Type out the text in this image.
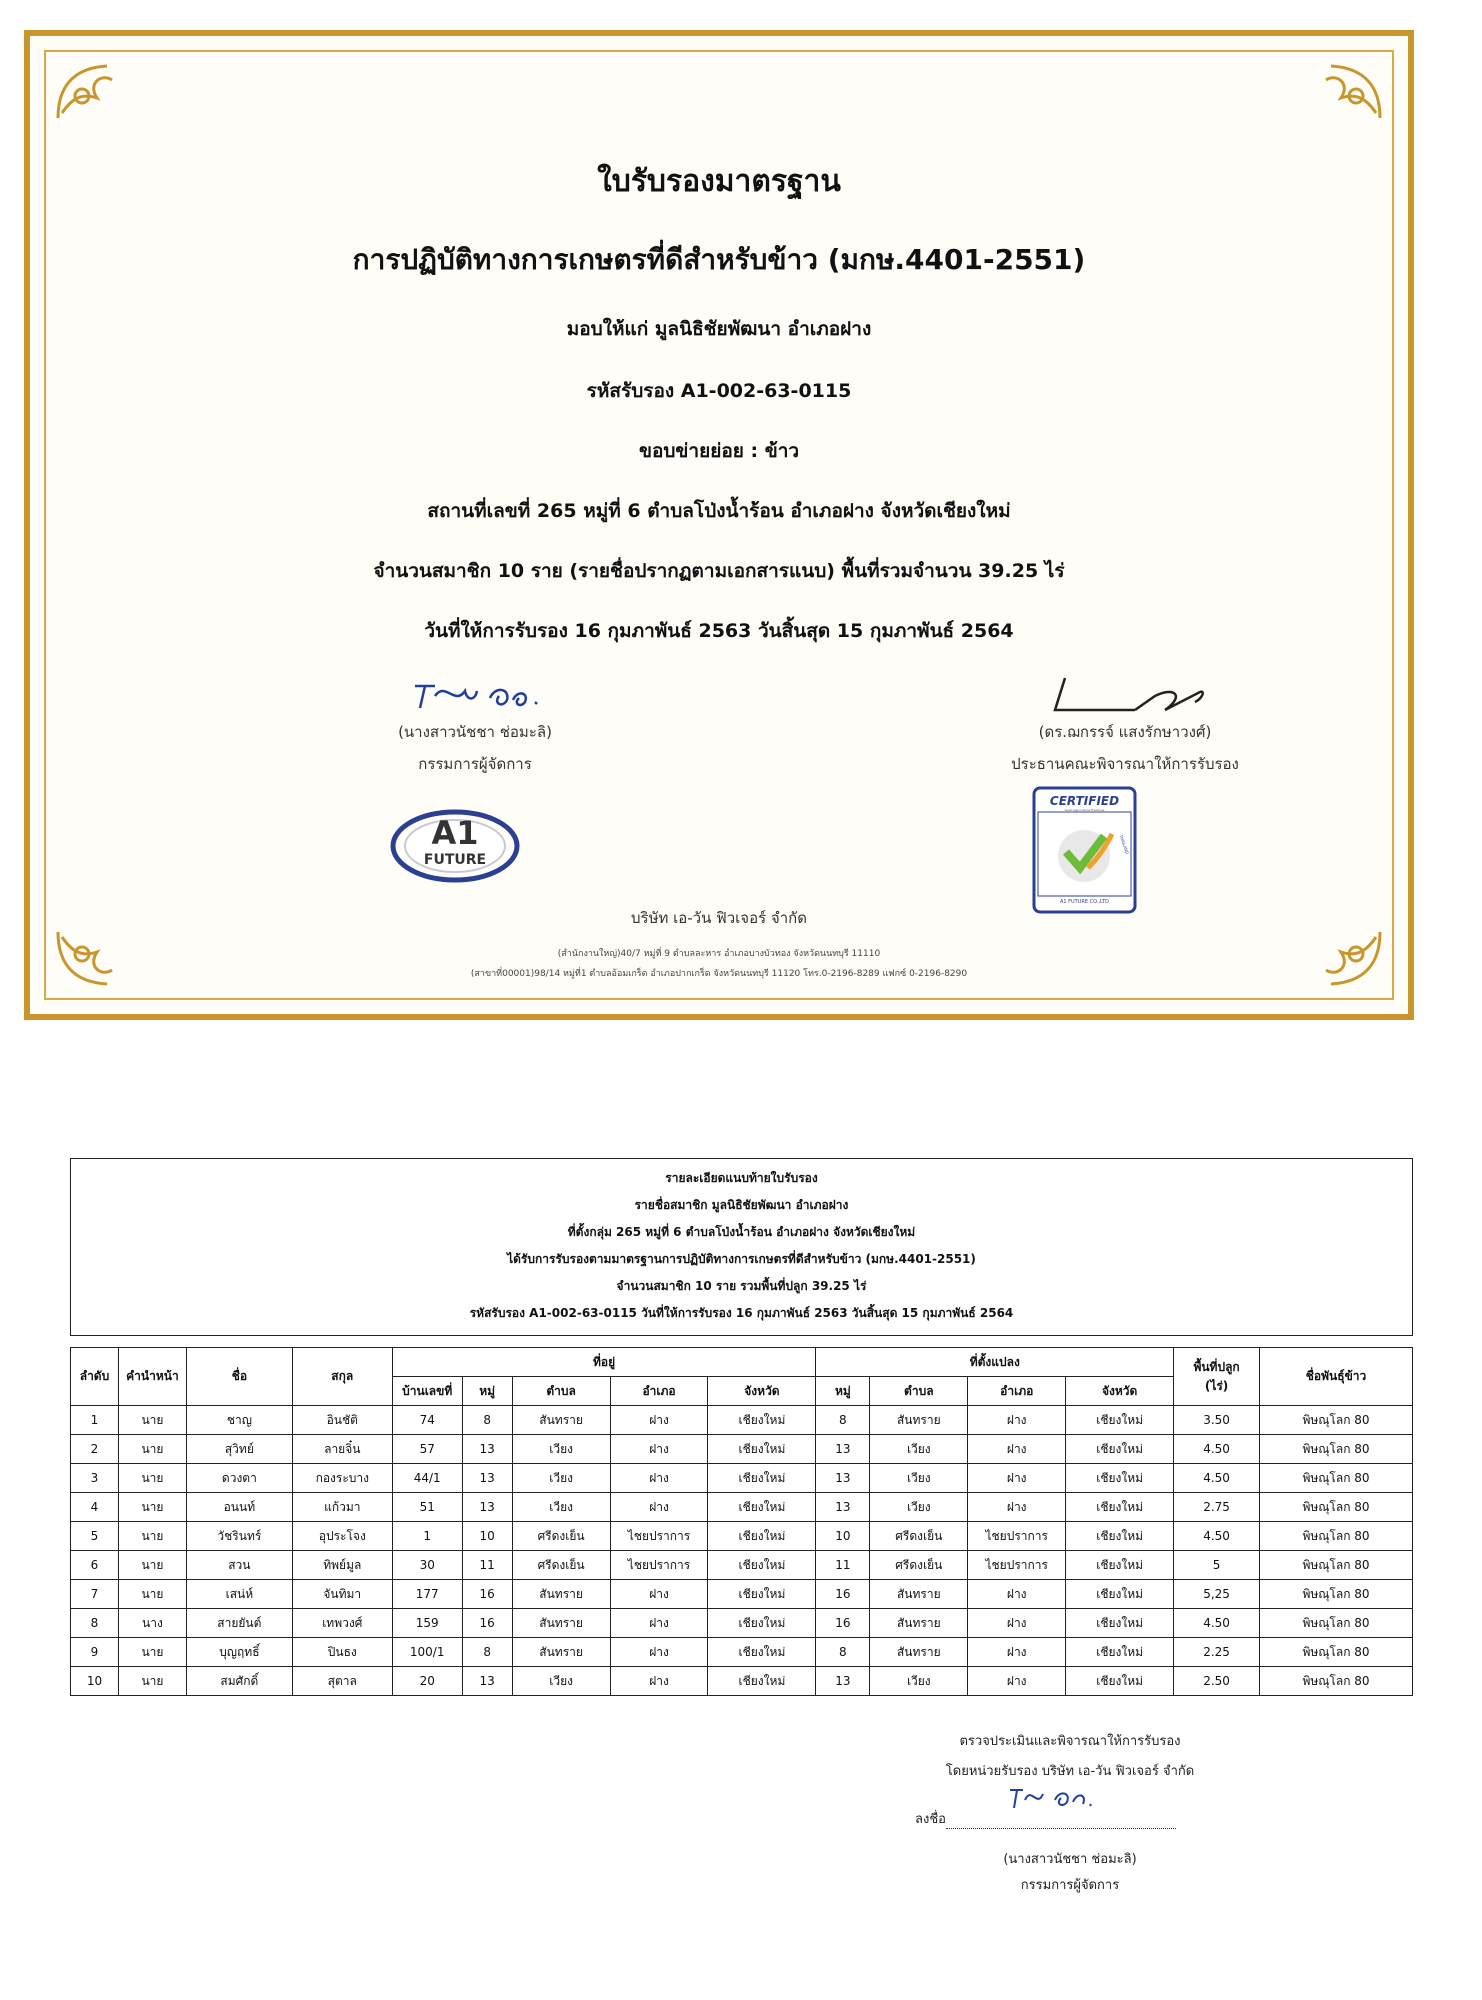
ใบรับรองมาตรฐาน
การปฏิบัติทางการเกษตรที่ดีสำหรับข้าว (มกษ.4401-2551)
มอบให้แก่ มูลนิธิชัยพัฒนา อำเภอฝาง
รหัสรับรอง A1-002-63-0115
ขอบข่ายย่อย : ข้าว
สถานที่เลขที่ 265 หมู่ที่ 6 ตำบลโป่งน้ำร้อน อำเภอฝาง จังหวัดเชียงใหม่
จำนวนสมาชิก 10 ราย (รายชื่อปรากฏตามเอกสารแนบ) พื้นที่รวมจำนวน 39.25 ไร่
วันที่ให้การรับรอง 16 กุมภาพันธ์ 2563 วันสิ้นสุด 15 กุมภาพันธ์ 2564
(นางสาวนัชชา ช่อมะลิ)
กรรมการผู้จัดการ
(ดร.ฌกรรจ์ แสงรักษาวงศ์)
ประธานคณะพิจารณาให้การรับรอง
A1
FUTURE
CERTIFIED
Good Agriculture Practices
THAILAND
A1 FUTURE CO.,LTD
บริษัท เอ-วัน ฟิวเจอร์ จำกัด
(สำนักงานใหญ่)40/7 หมู่ที่ 9 ตำบลละหาร อำเภอบางบัวทอง จังหวัดนนทบุรี 11110
(สาขาที่00001)98/14 หมู่ที่1 ตำบลอ้อมเกร็ด อำเภอปากเกร็ด จังหวัดนนทบุรี 11120 โทร.0-2196-8289 แฟกซ์ 0-2196-8290
รายละเอียดแนบท้ายใบรับรอง
รายชื่อสมาชิก มูลนิธิชัยพัฒนา อำเภอฝาง
ที่ตั้งกลุ่ม 265 หมู่ที่ 6 ตำบลโป่งน้ำร้อน อำเภอฝาง จังหวัดเชียงใหม่
ได้รับการรับรองตามมาตรฐานการปฏิบัติทางการเกษตรที่ดีสำหรับข้าว (มกษ.4401-2551)
จำนวนสมาชิก 10 ราย รวมพื้นที่ปลูก 39.25 ไร่
รหัสรับรอง A1-002-63-0115 วันที่ให้การรับรอง 16 กุมภาพันธ์ 2563 วันสิ้นสุด 15 กุมภาพันธ์ 2564
ลำดับ	คำนำหน้า	ชื่อ	สกุล	ที่อยู่					ที่ตั้งแปลง				พื้นที่ปลูก
(ไร่)	ชื่อพันธุ์ข้าว
				บ้านเลขที่	หมู่	ตำบล	อำเภอ	จังหวัด	หมู่	ตำบล	อำเภอ	จังหวัด		
1	นาย	ชาญ	อินชัติ	74	8	สันทราย	ฝาง	เชียงใหม่	8	สันทราย	ฝาง	เชียงใหม่	3.50	พิษณุโลก 80
2	นาย	สุวิทย์	ลายจิ๋น	57	13	เวียง	ฝาง	เชียงใหม่	13	เวียง	ฝาง	เชียงใหม่	4.50	พิษณุโลก 80
3	นาย	ดวงตา	กองระบาง	44/1	13	เวียง	ฝาง	เชียงใหม่	13	เวียง	ฝาง	เชียงใหม่	4.50	พิษณุโลก 80
4	นาย	อนนท์	แก้วมา	51	13	เวียง	ฝาง	เชียงใหม่	13	เวียง	ฝาง	เชียงใหม่	2.75	พิษณุโลก 80
5	นาย	วัชรินทร์	อุประโจง	1	10	ศรีดงเย็น	ไชยปราการ	เชียงใหม่	10	ศรีดงเย็น	ไชยปราการ	เชียงใหม่	4.50	พิษณุโลก 80
6	นาย	สวน	ทิพย์มูล	30	11	ศรีดงเย็น	ไชยปราการ	เชียงใหม่	11	ศรีดงเย็น	ไชยปราการ	เชียงใหม่	5	พิษณุโลก 80
7	นาย	เสน่ห์	จันทิมา	177	16	สันทราย	ฝาง	เชียงใหม่	16	สันทราย	ฝาง	เชียงใหม่	5,25	พิษณุโลก 80
8	นาง	สายยันต์	เทพวงศ์	159	16	สันทราย	ฝาง	เชียงใหม่	16	สันทราย	ฝาง	เชียงใหม่	4.50	พิษณุโลก 80
9	นาย	บุญฤทธิ์	ปินธง	100/1	8	สันทราย	ฝาง	เชียงใหม่	8	สันทราย	ฝาง	เชียงใหม่	2.25	พิษณุโลก 80
10	นาย	สมศักดิ์	สุตาล	20	13	เวียง	ฝาง	เชียงใหม่	13	เวียง	ฝาง	เชียงใหม่	2.50	พิษณุโลก 80
ตรวจประเมินและพิจารณาให้การรับรอง
โดยหน่วยรับรอง บริษัท เอ-วัน ฟิวเจอร์ จำกัด
ลงชื่อ
(นางสาวนัชชา ช่อมะลิ)
กรรมการผู้จัดการ
